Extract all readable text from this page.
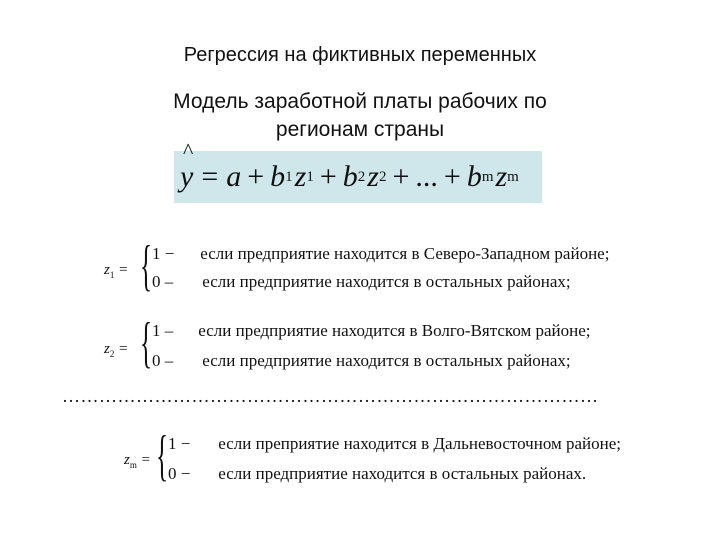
Регрессия на фиктивных переменных
Модель заработной платы рабочих по
регионам страны
^ y = a + b 1 z 1 + b 2 z 2 + ... + b m z m
$z_1$ = { 1 − если предприятие находится в Северо-Западном районе;
0 – если предприятие находится в остальных районах;
$z_2$ = { 1 – если предприятие находится в Волго-Вятском районе;
0 – если предприятие находится в остальных районах;
……………………………………………………………………………
$z_m$ = { 1 − если преприятие находится в Дальневосточном районе;
0 − если предприятие находится в остальных районах.
